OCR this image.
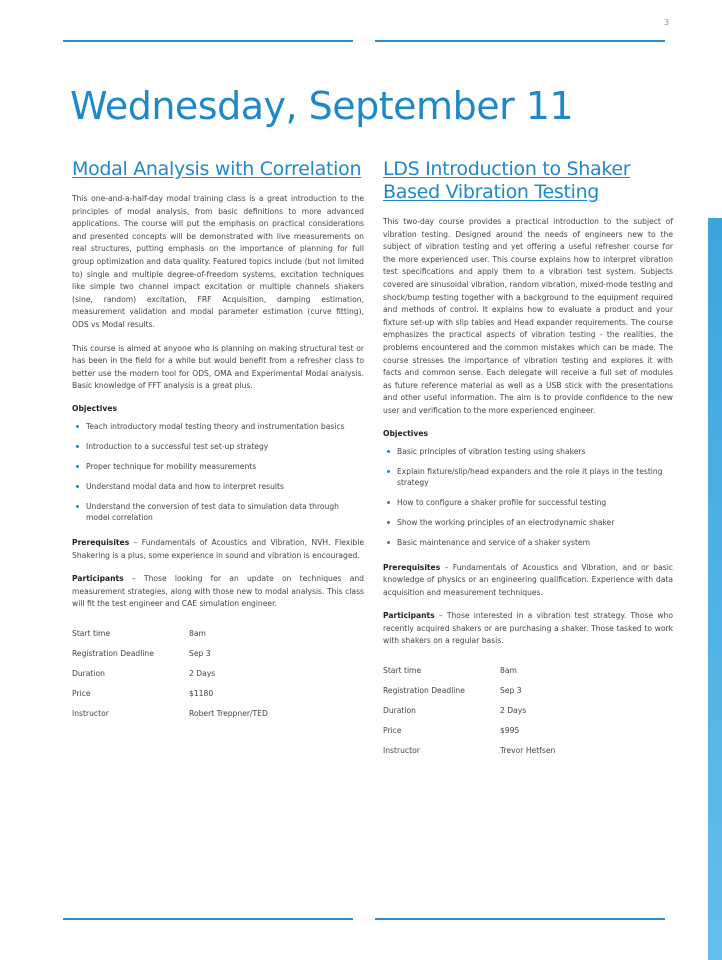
3
Wednesday, September 11
Modal Analysis with Correlation

This one-and-a-half-day modal training class is a great introduction to the principles of modal analysis, from basic definitions to more advanced applications. The course will put the emphasis on practical considerations and presented concepts will be demonstrated with live measurements on real structures, putting emphasis on the importance of planning for full group optimization and data quality. Featured topics include (but not limited to) single and multiple degree-of-freedom systems, excitation techniques like simple two channel impact excitation or multiple channels shakers (sine, random) excitation, FRF Acquisition, damping estimation, measurement validation and modal parameter estimation (curve fitting), ODS vs Modal results.

This course is aimed at anyone who is planning on making structural test or has been in the field for a while but would benefit from a refresher class to better use the modern tool for ODS, OMA and Experimental Modal analysis. Basic knowledge of FFT analysis is a great plus.

Objectives
Teach introductory modal testing theory and instrumentation basics
Introduction to a successful test set-up strategy
Proper technique for mobility measurements
Understand modal data and how to interpret results
Understand the conversion of test data to simulation data through model correlation

Prerequisites – Fundamentals of Acoustics and Vibration, NVH. Flexible Shakering is a plus, some experience in sound and vibration is encouraged.

Participants – Those looking for an update on techniques and measurement strategies, along with those new to modal analysis. This class will fit the test engineer and CAE simulation engineer.

Start time	8am
Registration Deadline	Sep 3
Duration	2 Days
Price	$1180
Instructor	Robert Treppner/TED
LDS Introduction to Shaker Based Vibration Testing

This two-day course provides a practical introduction to the subject of vibration testing. Designed around the needs of engineers new to the subject of vibration testing and yet offering a useful refresher course for the more experienced user. This course explains how to interpret vibration test specifications and apply them to a vibration test system. Subjects covered are sinusoidal vibration, random vibration, mixed-mode testing and shock/bump testing together with a background to the equipment required and methods of control. It explains how to evaluate a product and your fixture set-up with slip tables and Head expander requirements. The course emphasizes the practical aspects of vibration testing - the realities, the problems encountered and the common mistakes which can be made. The course stresses the importance of vibration testing and explores it with facts and common sense. Each delegate will receive a full set of modules as future reference material as well as a USB stick with the presentations and other useful information. The aim is to provide confidence to the new user and verification to the more experienced engineer.

Objectives
Basic principles of vibration testing using shakers
Explain fixture/slip/head expanders and the role it plays in the testing strategy
How to configure a shaker profile for successful testing
Show the working principles of an electrodynamic shaker
Basic maintenance and service of a shaker system

Prerequisites – Fundamentals of Acoustics and Vibration, and or basic knowledge of physics or an engineering qualification. Experience with data acquisition and measurement techniques.

Participants – Those interested in a vibration test strategy. Those who recently acquired shakers or are purchasing a shaker. Those tasked to work with shakers on a regular basis.

Start time	8am
Registration Deadline	Sep 3
Duration	2 Days
Price	$995
Instructor	Trevor Hetfsen
